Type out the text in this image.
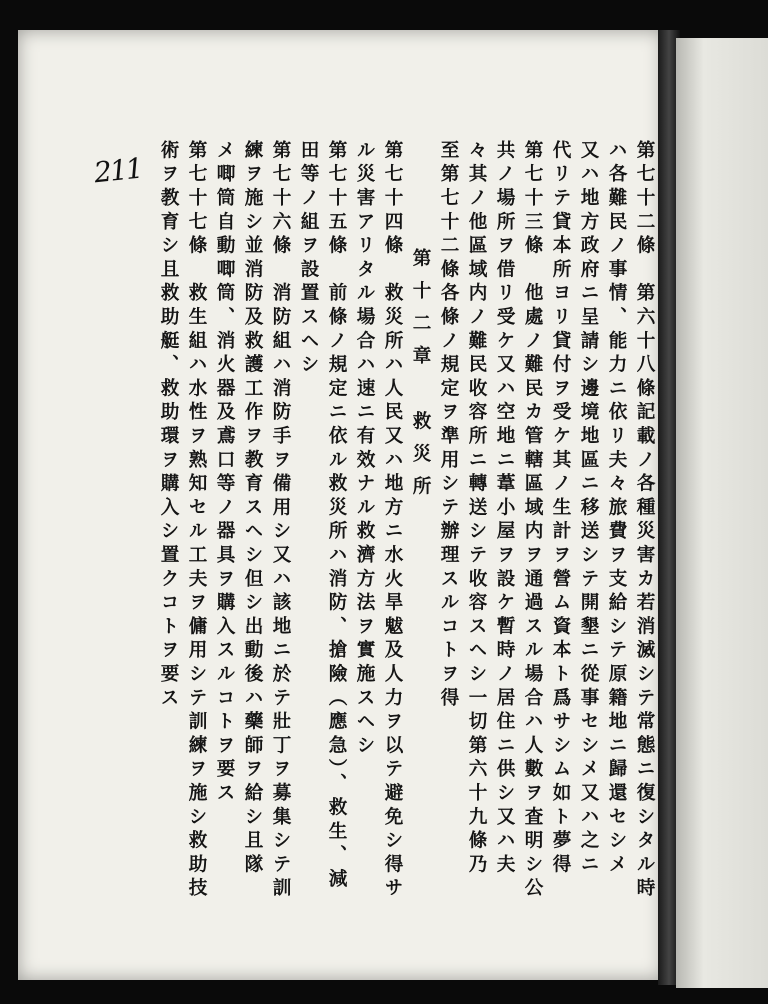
211	第七十二條　第六十八條記載ノ各種災害カ若消滅シテ常態ニ復シタル時
ハ各難民ノ事情、能力ニ依リ夫々旅費ヲ支給シテ原籍地ニ歸還セシメ
又ハ地方政府ニ呈請シ邊境地區ニ移送シテ開墾ニ從事セシメ又ハ之ニ
代リテ貸本所ヨリ貸付ヲ受ケ其ノ生計ヲ營ム資本ト爲サシム如ト夢得
第七十三條　他處ノ難民カ管轄區域内ヲ通過スル場合ハ人數ヲ査明シ公
共ノ場所ヲ借リ受ケ又ハ空地ニ葦小屋ヲ設ケ暫時ノ居住ニ供シ又ハ夫
々其ノ他區域内ノ難民收容所ニ轉送シテ收容スヘシ一切第六十九條乃
至第七十二條各條ノ規定ヲ準用シテ辦理スルコトヲ得
第十二章　救災所
第七十四條　救災所ハ人民又ハ地方ニ水火旱魃及人力ヲ以テ避免シ得サ
ル災害アリタル場合ハ速ニ有效ナル救濟方法ヲ實施スヘシ
第七十五條　前條ノ規定ニ依ル救災所ハ消防、搶險（應急）、救生、減
田等ノ組ヲ設置スヘシ
第七十六條　消防組ハ消防手ヲ備用シ又ハ該地ニ於テ壯丁ヲ募集シテ訓
練ヲ施シ並消防及救護工作ヲ教育スヘシ但シ出動後ハ藥師ヲ給シ且隊
メ唧筒自動唧筒、消火器及鳶口等ノ器具ヲ購入スルコトヲ要ス
第七十七條　救生組ハ水性ヲ熟知セル工夫ヲ傭用シテ訓練ヲ施シ救助技
術ヲ教育シ且救助艇、救助環ヲ購入シ置クコトヲ要ス
